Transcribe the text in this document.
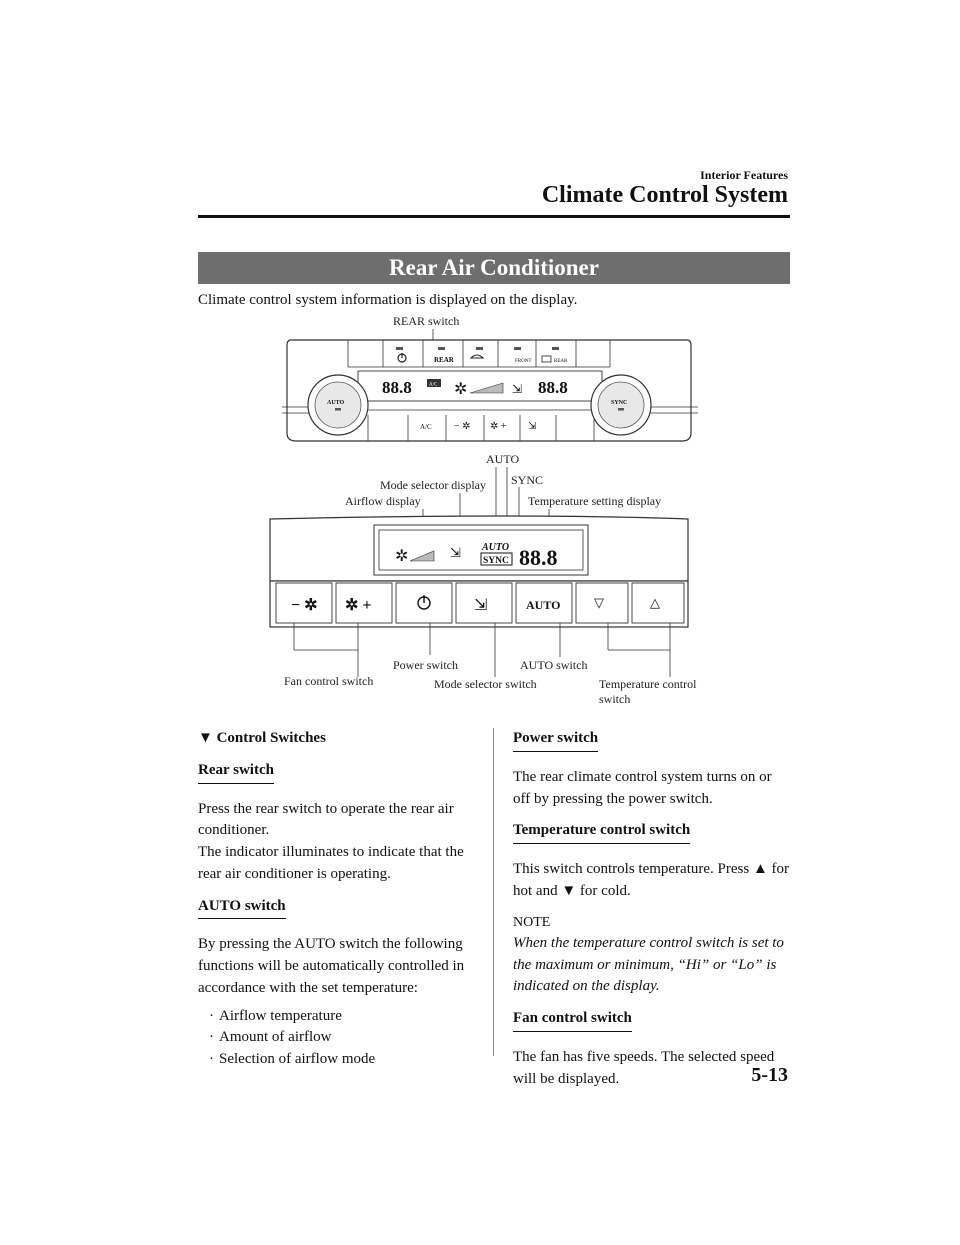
Interior Features
Climate Control System
Rear Air Conditioner
Climate control system information is displayed on the display.
REAR switch
REAR	FRONT	REAR
88.8	A/C ✲	⇲ 88.8
A/C − ✲ ✲ + ⇲
AUTO	SYNC
AUTO
Mode selector display SYNC
Airflow display	Temperature setting display
✲	⇲ AUTO
SYNC 88.8
− ✲ ✲ +	⇲	AUTO	▽	△
Power switch	AUTO switch
Fan control switch	Mode selector switch	Temperature control
switch
▼ Control Switches
Rear switch

Press the rear switch to operate the rear air conditioner.

The indicator illuminates to indicate that the rear air conditioner is operating.

AUTO switch

By pressing the AUTO switch the following functions will be automatically controlled in accordance with the set temperature:

· Airflow temperature
· Amount of airflow
· Selection of airflow mode
Power switch

The rear climate control system turns on or off by pressing the power switch.

Temperature control switch

This switch controls temperature. Press ▲ for hot and ▼ for cold.

NOTE

When the temperature control switch is set to the maximum or minimum, “Hi” or “Lo” is indicated on the display.

Fan control switch

The fan has five speeds. The selected speed will be displayed.	5-13
